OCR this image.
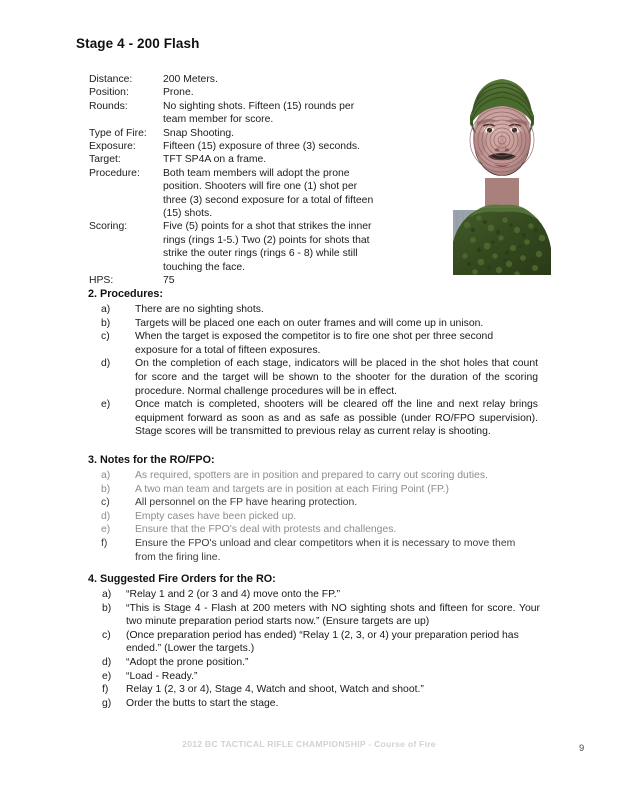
Stage 4 - 200 Flash
Distance:	200 Meters.
Position:	Prone.
Rounds:	No sighting shots. Fifteen (15) rounds per team member for score.
Type of Fire:	Snap Shooting.
Exposure:	Fifteen (15) exposure of three (3) seconds.
Target:	TFT SP4A on a frame.
Procedure:	Both team members will adopt the prone position. Shooters will fire one (1) shot per three (3) second exposure for a total of fifteen (15) shots.
Scoring:	Five (5) points for a shot that strikes the inner rings (rings 1-5.) Two (2) points for shots that strike the outer rings (rings 6 - 8) while still touching the face.
HPS:	75
2. Procedures:
a)	There are no sighting shots.
b)	Targets will be placed one each on outer frames and will come up in unison.
c)	When the target is exposed the competitor is to fire one shot per three second exposure for a total of fifteen exposures.
d)	On the completion of each stage, indicators will be placed in the shot holes that count for score and the target will be shown to the shooter for the duration of the scoring procedure. Normal challenge procedures will be in effect.
e)	Once match is completed, shooters will be cleared off the line and next relay brings equipment forward as soon as and as safe as possible (under RO/FPO supervision). Stage scores will be transmitted to previous relay as current relay is shooting.
3. Notes for the RO/FPO:
a)	As required, spotters are in position and prepared to carry out scoring duties.
b)	A two man team and targets are in position at each Firing Point (FP.)
c)	All personnel on the FP have hearing protection.
d)	Empty cases have been picked up.
e)	Ensure that the FPO's deal with protests and challenges.
f)	Ensure the FPO's unload and clear competitors when it is necessary to move them from the firing line.
4. Suggested Fire Orders for the RO:
a)	“Relay 1 and 2 (or 3 and 4) move onto the FP.”
b)	“This is Stage 4 - Flash at 200 meters with NO sighting shots and fifteen for score. Your two minute preparation period starts now.” (Ensure targets are up)
c)	(Once preparation period has ended) “Relay 1 (2, 3, or 4) your preparation period has ended.” (Lower the targets.)
d)	“Adopt the prone position.”
e)	“Load - Ready.”
f)	Relay 1 (2, 3 or 4), Stage 4, Watch and shoot, Watch and shoot.”
g)	Order the butts to start the stage.
2012 BC TACTICAL RIFLE CHAMPIONSHIP - Course of Fire	9
